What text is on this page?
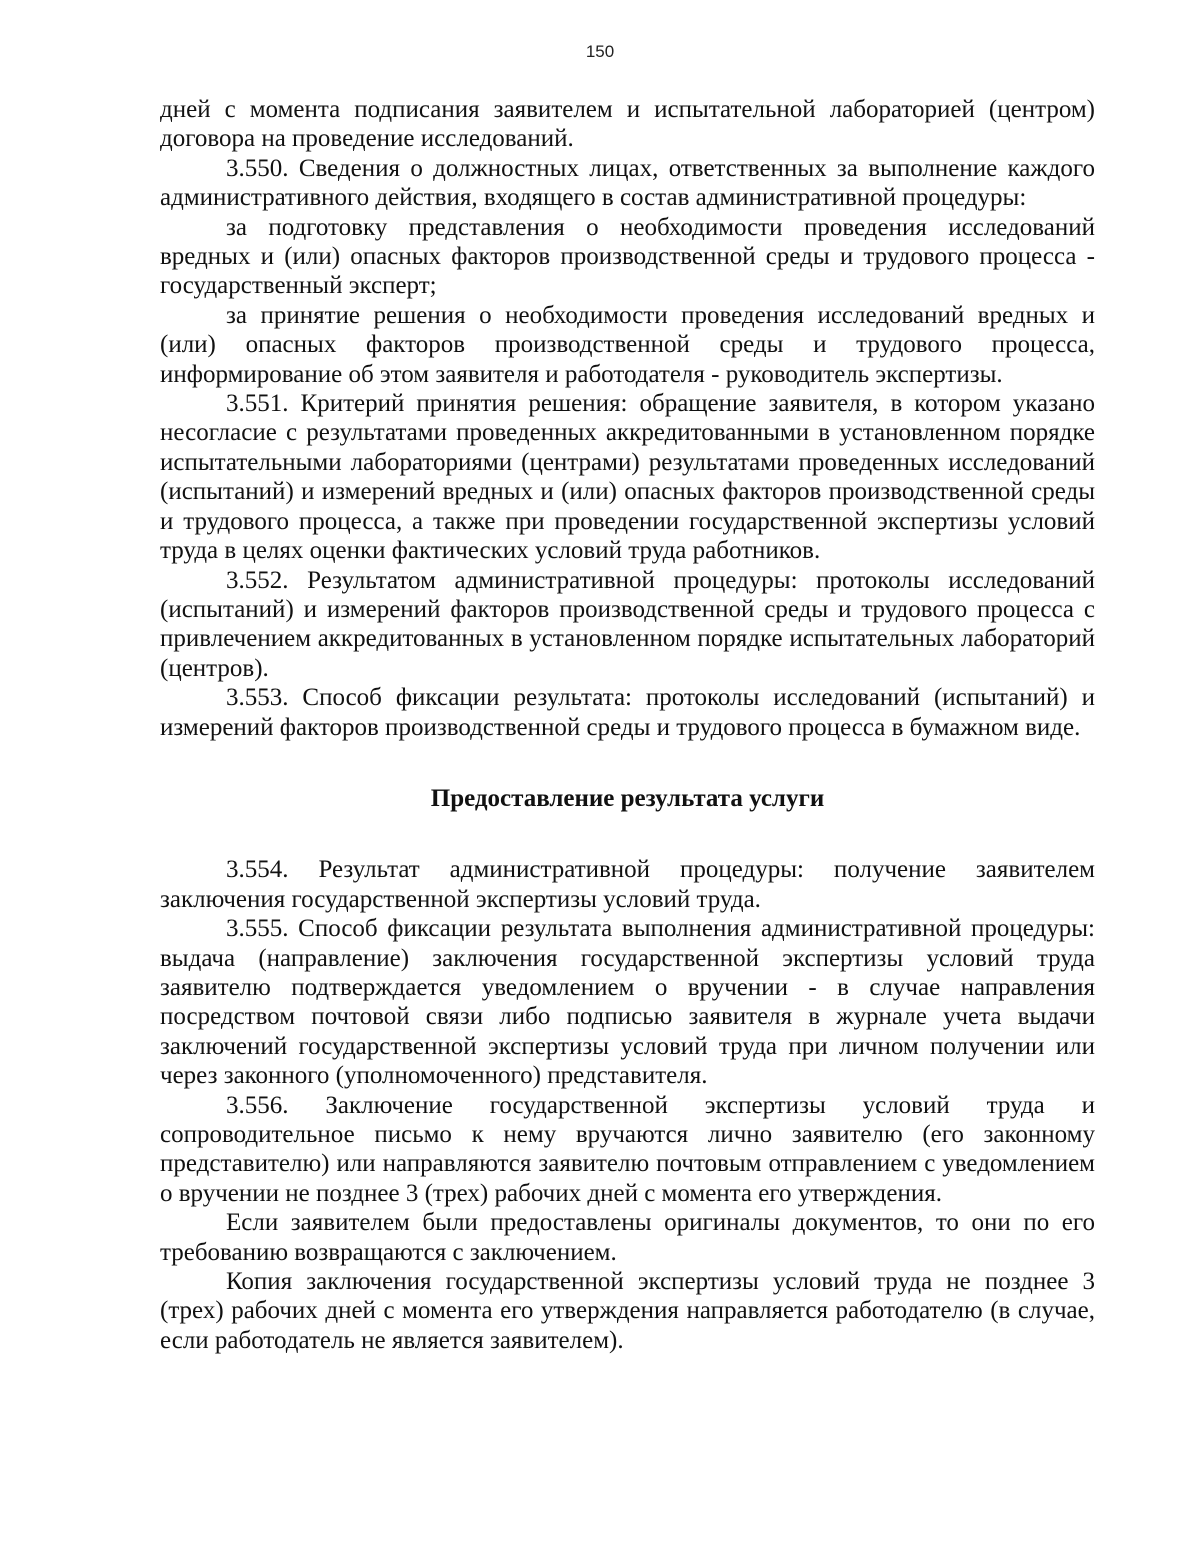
150

дней с момента подписания заявителем и испытательной лабораторией (центром) договора на проведение исследований.

3.550. Сведения о должностных лицах, ответственных за выполнение каждого административного действия, входящего в состав административной процедуры:

за подготовку представления о необходимости проведения исследований вредных и (или) опасных факторов производственной среды и трудового процесса - государственный эксперт;

за принятие решения о необходимости проведения исследований вредных и (или) опасных факторов производственной среды и трудового процесса, информирование об этом заявителя и работодателя - руководитель экспертизы.

3.551. Критерий принятия решения: обращение заявителя, в котором указано несогласие с результатами проведенных аккредитованными в установленном порядке испытательными лабораториями (центрами) результатами проведенных исследований (испытаний) и измерений вредных и (или) опасных факторов производственной среды и трудового процесса, а также при проведении государственной экспертизы условий труда в целях оценки фактических условий труда работников.

3.552. Результатом административной процедуры: протоколы исследований (испытаний) и измерений факторов производственной среды и трудового процесса с привлечением аккредитованных в установленном порядке испытательных лабораторий (центров).

3.553. Способ фиксации результата: протоколы исследований (испытаний) и измерений факторов производственной среды и трудового процесса в бумажном виде.

Предоставление результата услуги

3.554. Результат административной процедуры: получение заявителем заключения государственной экспертизы условий труда.

3.555. Способ фиксации результата выполнения административной процедуры: выдача (направление) заключения государственной экспертизы условий труда заявителю подтверждается уведомлением о вручении - в случае направления посредством почтовой связи либо подписью заявителя в журнале учета выдачи заключений государственной экспертизы условий труда при личном получении или через законного (уполномоченного) представителя.

3.556. Заключение государственной экспертизы условий труда и сопроводительное письмо к нему вручаются лично заявителю (его законному представителю) или направляются заявителю почтовым отправлением с уведомлением о вручении не позднее 3 (трех) рабочих дней с момента его утверждения.

Если заявителем были предоставлены оригиналы документов, то они по его требованию возвращаются с заключением.

Копия заключения государственной экспертизы условий труда не позднее 3 (трех) рабочих дней с момента его утверждения направляется работодателю (в случае, если работодатель не является заявителем).
